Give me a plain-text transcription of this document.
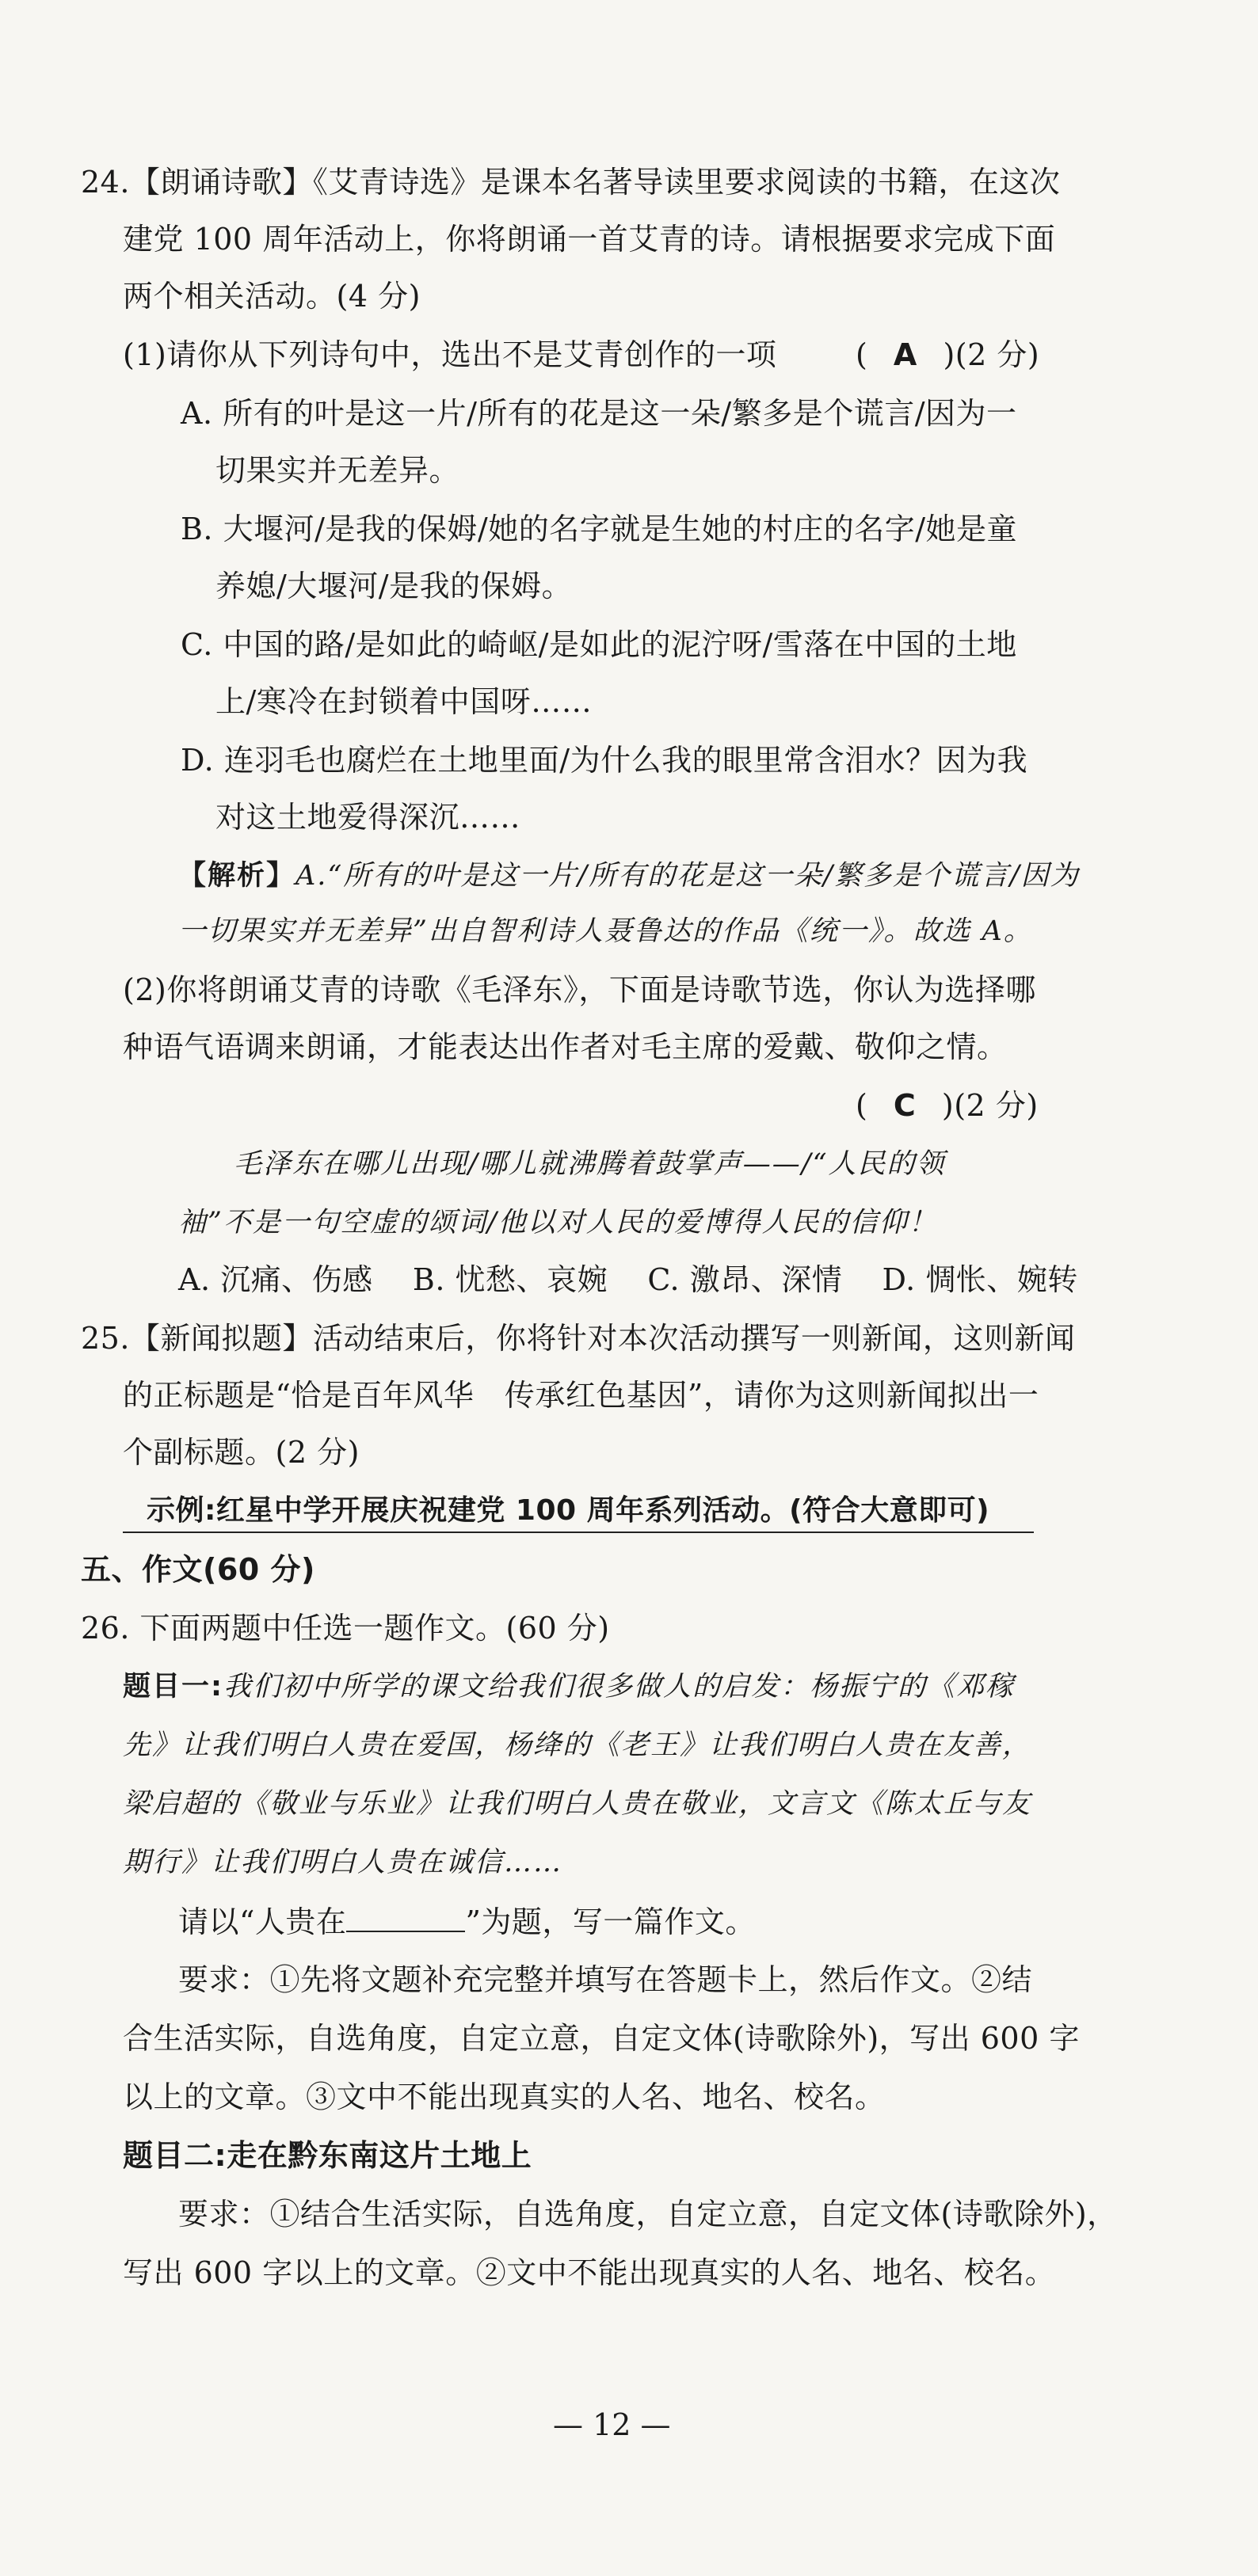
24.【朗诵诗歌】《艾青诗选》是课本名著导读里要求阅读的书籍，在这次
建党 100 周年活动上，你将朗诵一首艾青的诗。请根据要求完成下面
两个相关活动。(4 分)
(1)请你从下列诗句中，选出不是艾青创作的一项	( A )(2 分)
A. 所有的叶是这一片/所有的花是这一朵/繁多是个谎言/因为一
切果实并无差异。
B. 大堰河/是我的保姆/她的名字就是生她的村庄的名字/她是童
养媳/大堰河/是我的保姆。
C. 中国的路/是如此的崎岖/是如此的泥泞呀/雪落在中国的土地
上/寒冷在封锁着中国呀……
D. 连羽毛也腐烂在土地里面/为什么我的眼里常含泪水？因为我
对这土地爱得深沉……
【解析】A.“所有的叶是这一片/所有的花是这一朵/繁多是个谎言/因为
一切果实并无差异”出自智利诗人聂鲁达的作品《统一》。故选 A。
(2)你将朗诵艾青的诗歌《毛泽东》，下面是诗歌节选，你认为选择哪
种语气语调来朗诵，才能表达出作者对毛主席的爱戴、敬仰之情。
( C )(2 分)
毛泽东在哪儿出现/哪儿就沸腾着鼓掌声——/“人民的领
袖”不是一句空虚的颂词/他以对人民的爱博得人民的信仰！
A. 沉痛、伤感    B. 忧愁、哀婉    C. 激昂、深情    D. 惆怅、婉转
25.【新闻拟题】活动结束后，你将针对本次活动撰写一则新闻，这则新闻
的正标题是“恰是百年风华　传承红色基因”，请你为这则新闻拟出一
个副标题。(2 分)
示例:红星中学开展庆祝建党 100 周年系列活动。(符合大意即可)
五、作文(60 分)
26. 下面两题中任选一题作文。(60 分)
题目一:我们初中所学的课文给我们很多做人的启发：杨振宁的《邓稼
先》让我们明白人贵在爱国，杨绛的《老王》让我们明白人贵在友善，
梁启超的《敬业与乐业》让我们明白人贵在敬业，文言文《陈太丘与友
期行》让我们明白人贵在诚信……
请以“人贵在	”为题，写一篇作文。
要求：①先将文题补充完整并填写在答题卡上，然后作文。②结
合生活实际，自选角度，自定立意，自定文体(诗歌除外)，写出 600 字
以上的文章。③文中不能出现真实的人名、地名、校名。
题目二:走在黔东南这片土地上
要求：①结合生活实际，自选角度，自定立意，自定文体(诗歌除外)，
写出 600 字以上的文章。②文中不能出现真实的人名、地名、校名。
— 12 —
